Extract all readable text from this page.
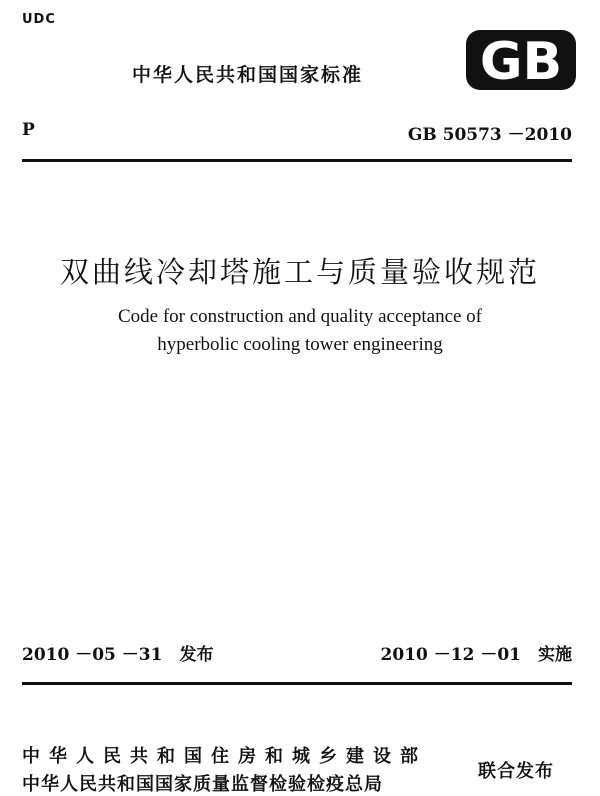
UDC
中华人民共和国国家标准 GB
P	GB 50573 －2010
双曲线冷却塔施工与质量验收规范
Code for construction and quality acceptance of
hyperbolic cooling tower engineering
2010 －05 －31　发布	2010 －12 －01　实施
中华人民共和国住房和城乡建设部
中华人民共和国国家质量监督检验检疫总局
联合发布
